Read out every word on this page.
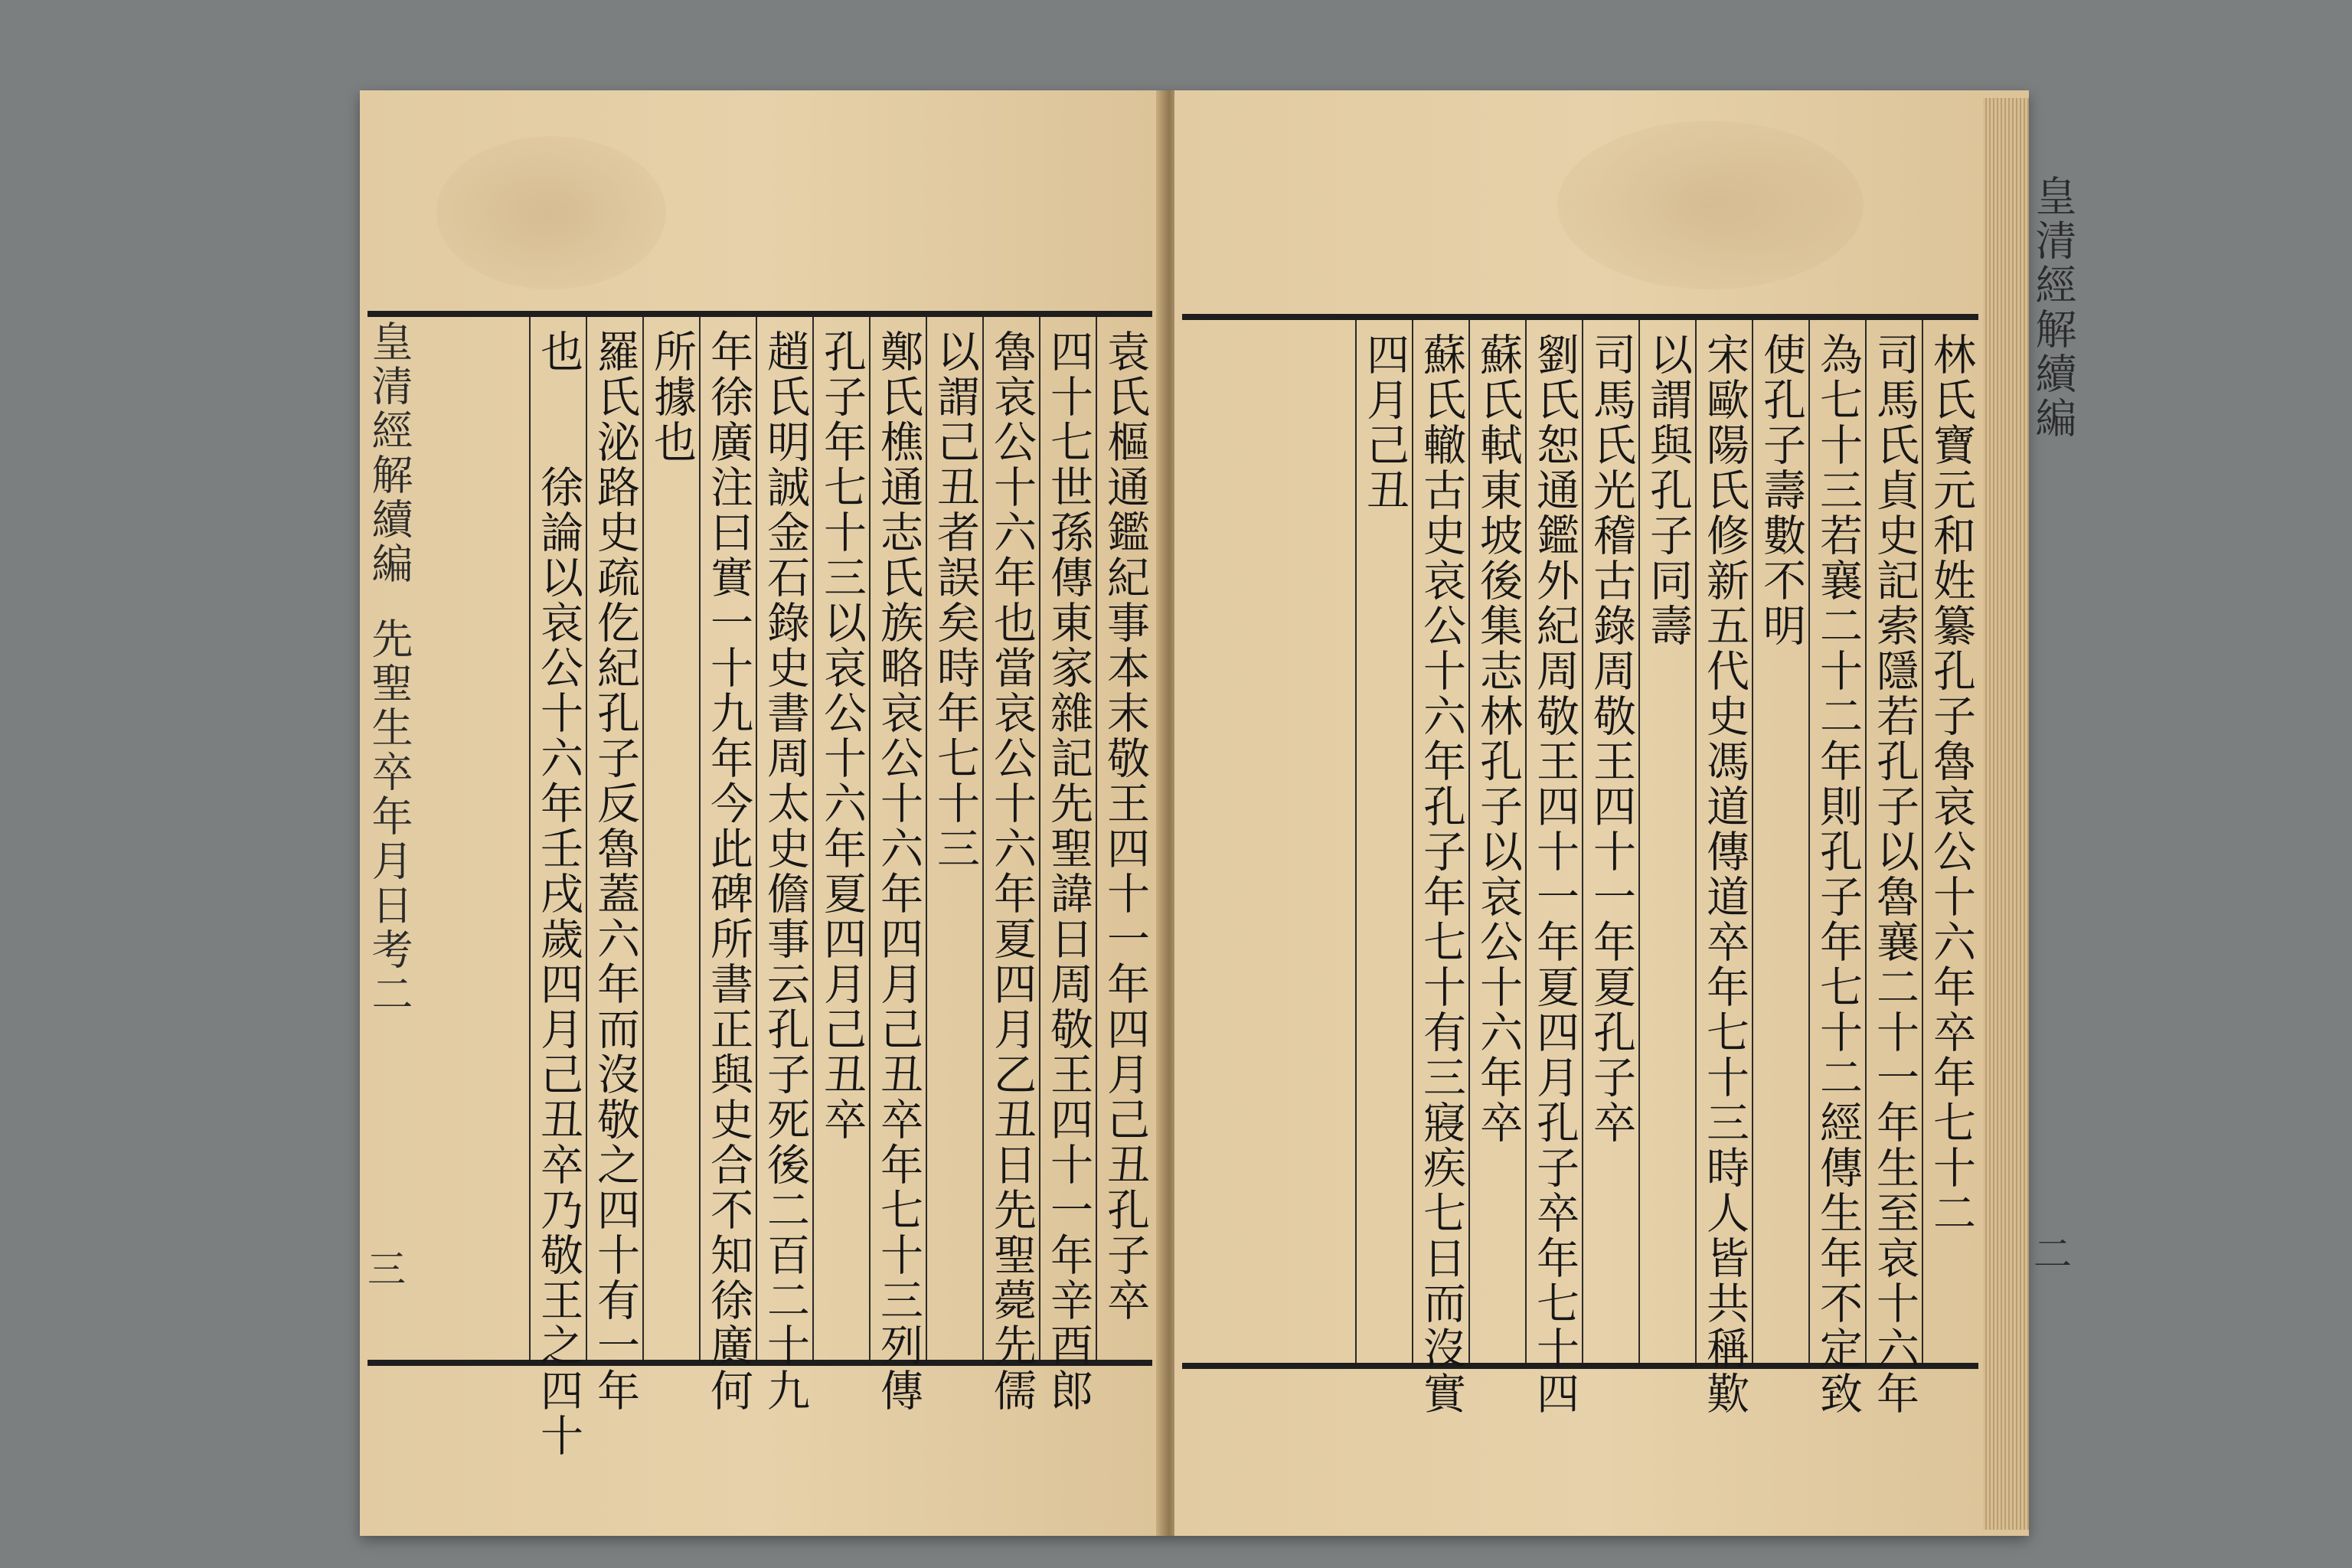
皇清經解續編先聖生卒年月日考二
三	袁氏樞通鑑紀事本末敬王四十一年四月己丑孔子卒
四十七世孫傳東家雜記先聖諱日周敬王四十一年辛酉郎
魯哀公十六年也當哀公十六年夏四月乙丑日先聖薨先儒
以謂己丑者誤矣時年七十三
鄭氏樵通志氏族略哀公十六年四月己丑卒年七十三列傳
孔子年七十三以哀公十六年夏四月己丑卒
趙氏明誠金石錄史書周太史儋事云孔子死後二百二十九
年徐廣注曰實一十九年今此碑所書正與史合不知徐廣何
所據也
羅氏泌路史疏仡紀孔子反魯蓋六年而沒敬之四十有一年
也　　徐論以哀公十六年壬戌歲四月己丑卒乃敬王之四十
皇清經解續編
二
林氏寶元和姓纂孔子魯哀公十六年卒年七十二
司馬氏貞史記索隱若孔子以魯襄二十一年生至哀十六年
為七十三若襄二十二年則孔子年七十二經傳生年不定致
使孔子壽數不明
宋歐陽氏修新五代史馮道傳道卒年七十三時人皆共稱歎
以謂與孔子同壽
司馬氏光稽古錄周敬王四十一年夏孔子卒
劉氏恕通鑑外紀周敬王四十一年夏四月孔子卒年七十四
蘇氏軾東坡後集志林孔子以哀公十六年卒
蘇氏轍古史哀公十六年孔子年七十有三寢疾七日而沒實
四月己丑
